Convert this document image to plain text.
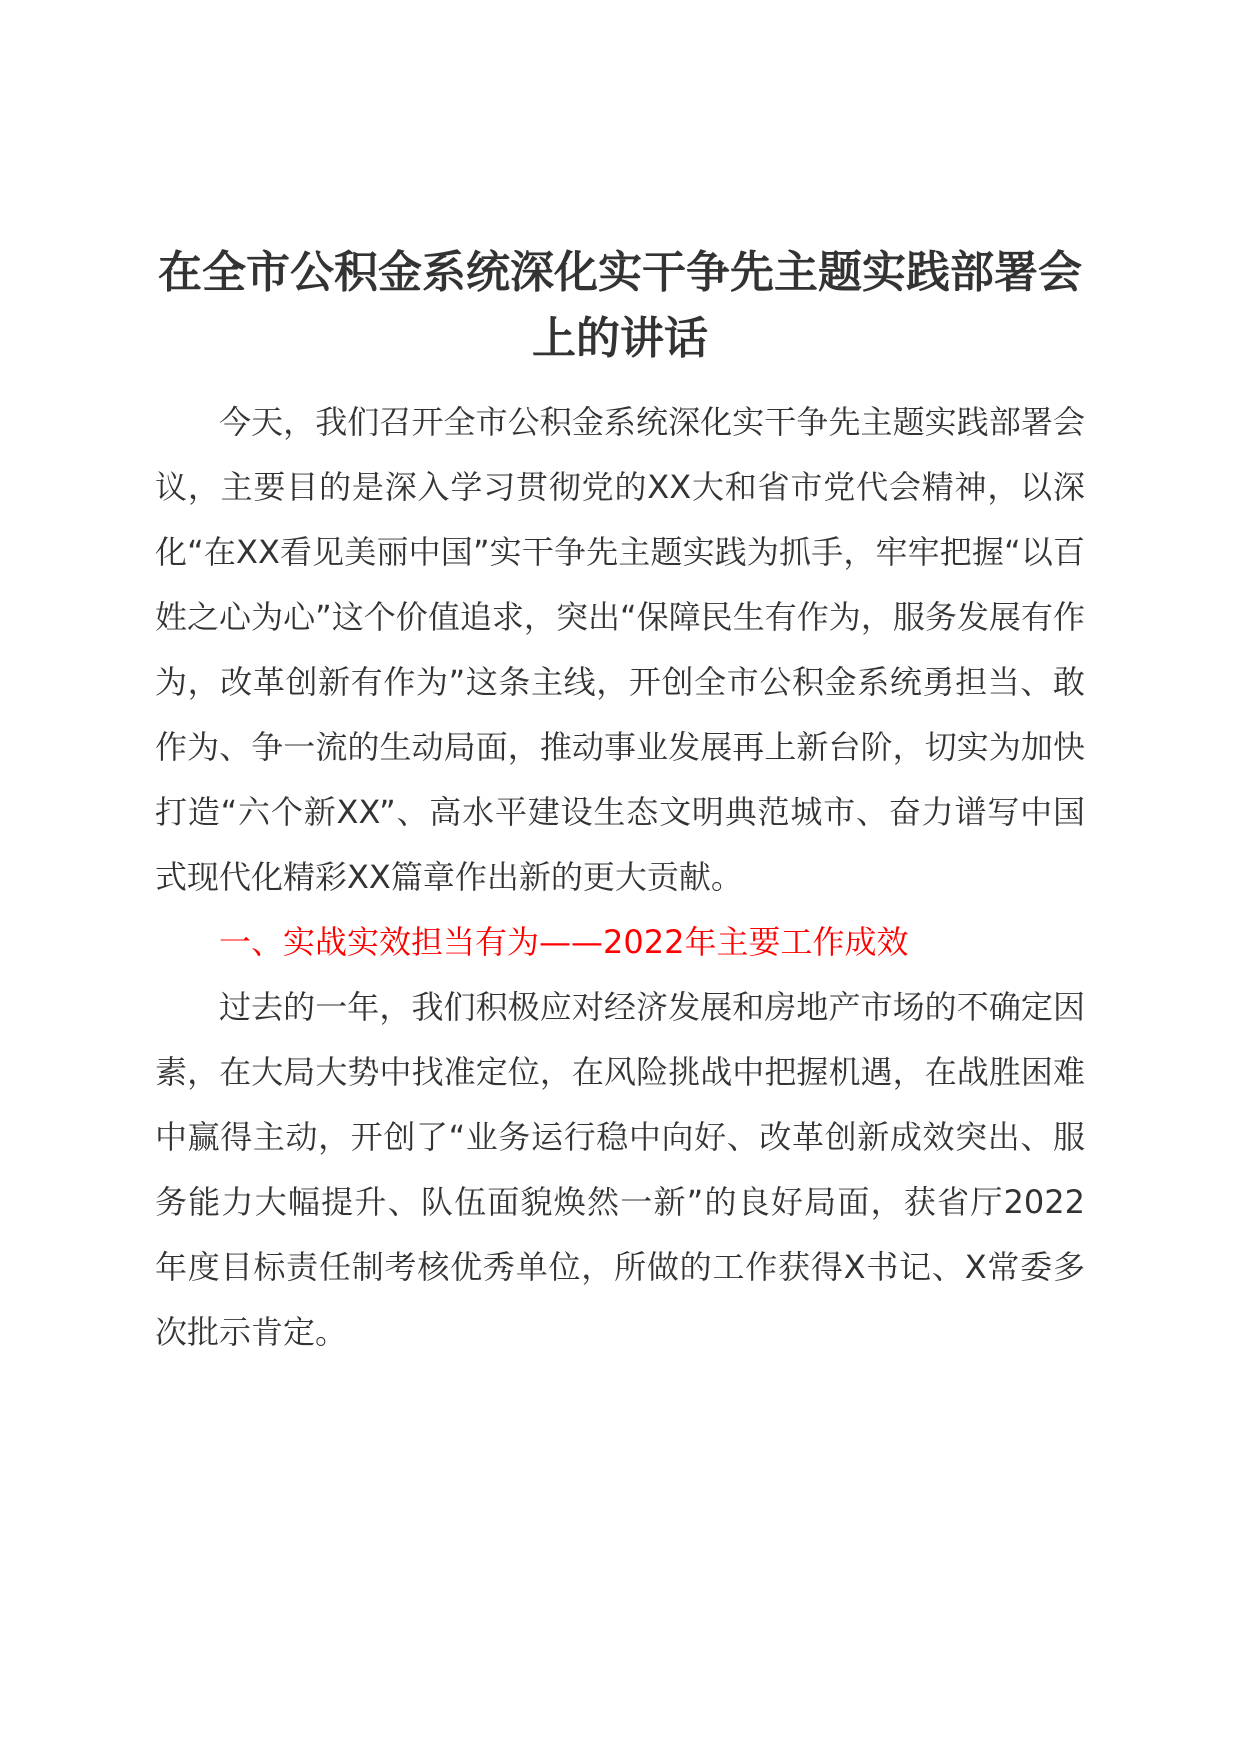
在全市公积金系统深化实干争先主题实践部署会上的讲话

今天，我们召开全市公积金系统深化实干争先主题实践部署会议，主要目的是深入学习贯彻党的XX大和省市党代会精神，以深化“在XX看见美丽中国”实干争先主题实践为抓手，牢牢把握“以百姓之心为心”这个价值追求，突出“保障民生有作为，服务发展有作为，改革创新有作为”这条主线，开创全市公积金系统勇担当、敢作为、争一流的生动局面，推动事业发展再上新台阶，切实为加快打造“六个新XX”、高水平建设生态文明典范城市、奋力谱写中国式现代化精彩XX篇章作出新的更大贡献。

一、实战实效担当有为——2022年主要工作成效

过去的一年，我们积极应对经济发展和房地产市场的不确定因素，在大局大势中找准定位，在风险挑战中把握机遇，在战胜困难中赢得主动，开创了“业务运行稳中向好、改革创新成效突出、服务能力大幅提升、队伍面貌焕然一新”的良好局面，获省厅2022年度目标责任制考核优秀单位，所做的工作获得X书记、X常委多次批示肯定。
